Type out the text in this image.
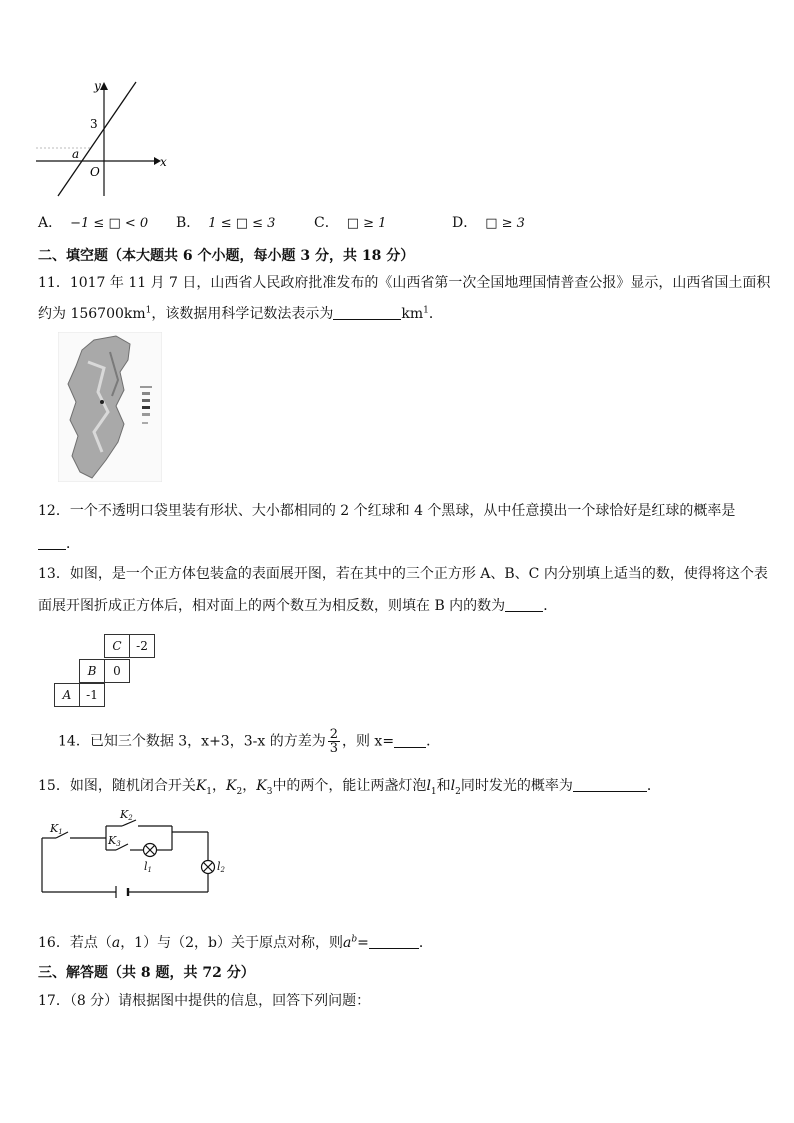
y
x
O
3
a
A． −1 ≤ □ < 0 B． 1 ≤ □ ≤ 3	C． □ ≥ 1	D． □ ≥ 3
二、填空题（本大题共 6 个小题，每小题 3 分，共 18 分）
11．1017 年 11 月 7 日，山西省人民政府批准发布的《山西省第一次全国地理国情普查公报》显示，山西省国土面积
约为 $156700km^1$，该数据用科学记数法表示为	$km^1$．
12．一个不透明口袋里装有形状、大小都相同的 2 个红球和 4 个黑球，从中任意摸出一个球恰好是红球的概率是
．
13．如图，是一个正方体包装盒的表面展开图，若在其中的三个正方形 A、B、C 内分别填上适当的数，使得将这个表
面展开图折成正方体后，相对面上的两个数互为相反数，则填在 B 内的数为	．
C	-2
B	0
A	-1
14．已知三个数据 3，x+3，3-x 的方差为 $\frac{2}{3}$ ，则 x= ．
15．如图，随机闭合开关$K_1$，$K_2$，$K_3$中的两个，能让两盏灯泡$l_1$和$l_2$同时发光的概率为	．
K1
K2
K3
l1	l2
16．若点（a，1）与（2，b）关于原点对称，则$a^b=$	．
三、解答题（共 8 题，共 72 分）
17．（8 分）请根据图中提供的信息，回答下列问题：
